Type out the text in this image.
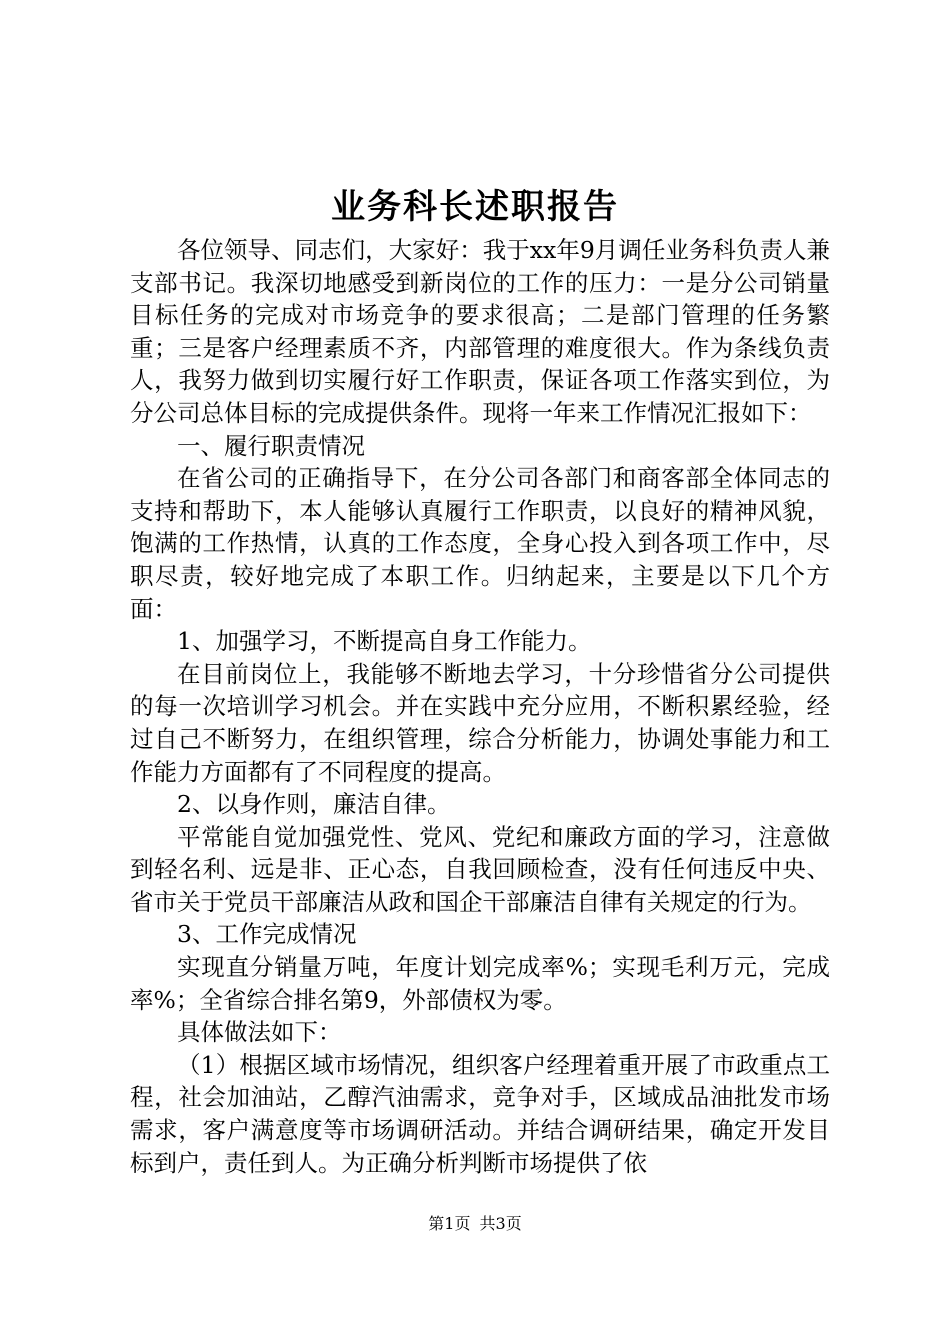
业务科长述职报告

各位领导、同志们，大家好：我于xx年9月调任业务科负责人兼支部书记。我深切地感受到新岗位的工作的压力：一是分公司销量目标任务的完成对市场竞争的要求很高；二是部门管理的任务繁重；三是客户经理素质不齐，内部管理的难度很大。作为条线负责人，我努力做到切实履行好工作职责，保证各项工作落实到位，为分公司总体目标的完成提供条件。现将一年来工作情况汇报如下：

一、履行职责情况

在省公司的正确指导下，在分公司各部门和商客部全体同志的支持和帮助下，本人能够认真履行工作职责，以良好的精神风貌，饱满的工作热情，认真的工作态度，全身心投入到各项工作中，尽职尽责，较好地完成了本职工作。归纳起来，主要是以下几个方面：

1、加强学习，不断提高自身工作能力。

在目前岗位上，我能够不断地去学习，十分珍惜省分公司提供的每一次培训学习机会。并在实践中充分应用，不断积累经验，经过自己不断努力，在组织管理，综合分析能力，协调处事能力和工作能力方面都有了不同程度的提高。

2、以身作则，廉洁自律。

平常能自觉加强党性、党风、党纪和廉政方面的学习，注意做到轻名利、远是非、正心态，自我回顾检查，没有任何违反中央、省市关于党员干部廉洁从政和国企干部廉洁自律有关规定的行为。

3、工作完成情况

实现直分销量万吨，年度计划完成率%；实现毛利万元，完成率%；全省综合排名第9，外部债权为零。

具体做法如下：

（1）根据区域市场情况，组织客户经理着重开展了市政重点工程，社会加油站，乙醇汽油需求，竞争对手，区域成品油批发市场需求，客户满意度等市场调研活动。并结合调研结果，确定开发目标到户，责任到人。为正确分析判断市场提供了依

第1页 共3页
